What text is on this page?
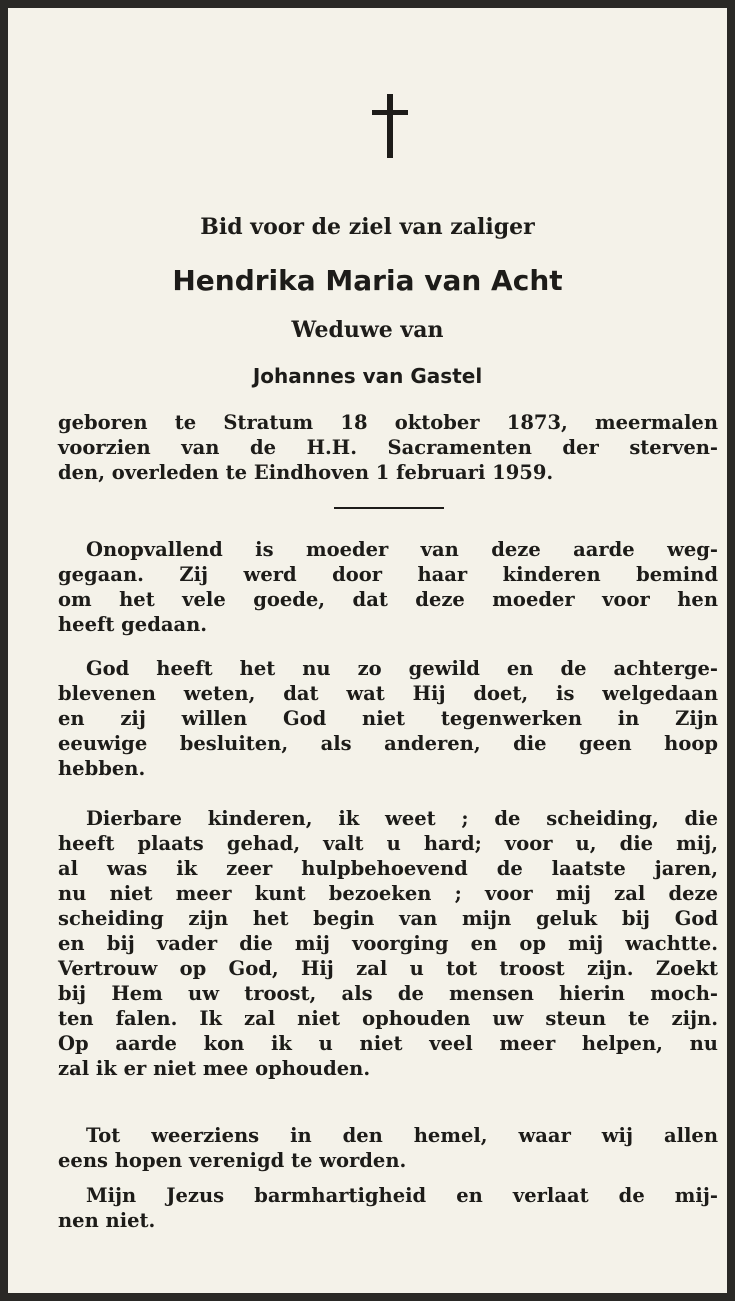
Bid voor de ziel van zaliger

Hendrika Maria van Acht

Weduwe van

Johannes van Gastel

geboren te Stratum 18 oktober 1873, meermalen
voorzien van de H.H. Sacramenten der sterven-
den, overleden te Eindhoven 1 februari 1959.

Onopvallend is moeder van deze aarde weg-
gegaan. Zij werd door haar kinderen bemind
om het vele goede, dat deze moeder voor hen
heeft gedaan.

God heeft het nu zo gewild en de achterge-
blevenen weten, dat wat Hij doet, is welgedaan
en zij willen God niet tegenwerken in Zijn
eeuwige besluiten, als anderen, die geen hoop
hebben.

Dierbare kinderen, ik weet ; de scheiding, die
heeft plaats gehad, valt u hard; voor u, die mij,
al was ik zeer hulpbehoevend de laatste jaren,
nu niet meer kunt bezoeken ; voor mij zal deze
scheiding zijn het begin van mijn geluk bij God
en bij vader die mij voorging en op mij wachtte.
Vertrouw op God, Hij zal u tot troost zijn. Zoekt
bij Hem uw troost, als de mensen hierin moch-
ten falen. Ik zal niet ophouden uw steun te zijn.
Op aarde kon ik u niet veel meer helpen, nu
zal ik er niet mee ophouden.

Tot weerziens in den hemel, waar wij allen
eens hopen verenigd te worden.

Mijn Jezus barmhartigheid en verlaat de mij-
nen niet.
